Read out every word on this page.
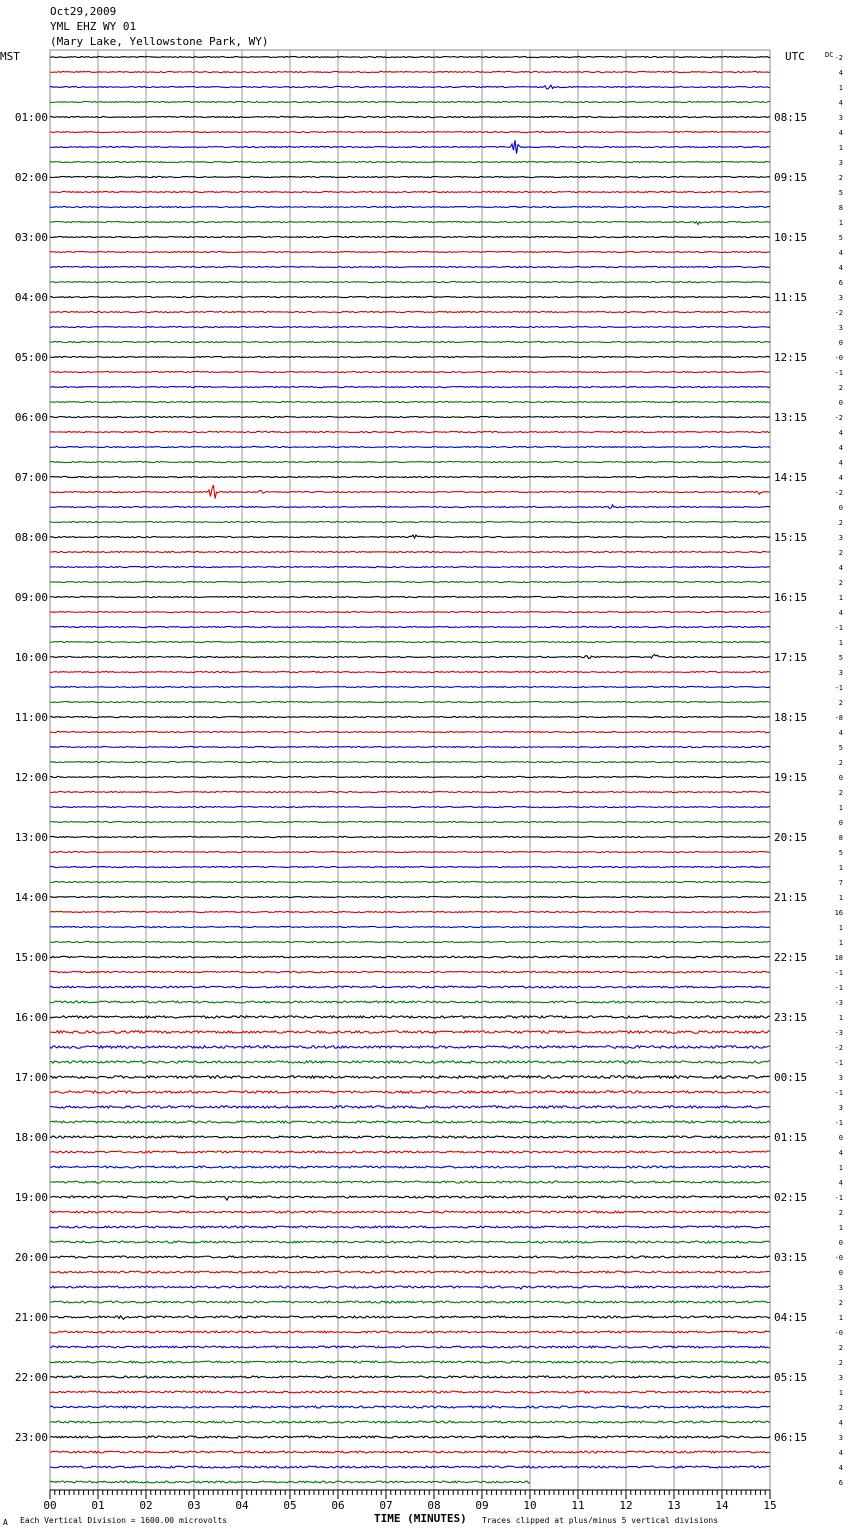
Oct29,2009
YML EHZ WY 01
(Mary Lake, Yellowstone Park, WY)
-2
4
1
4
3
4
1
3
2
5
8
1
5
4
4
6
3
-2
3
0
-0
-1
2
0
-2
4
4
4
4
-2
0
2
3
2
4
2
1
4
-1
1
5
3
-1
2
-8
4
5
2
0
2
1
0
8
5
1
7
1
16
1
1
18
-1
-1
-3
1
-3
-2
-1
3
-1
3
-1
0
4
1
4
-1
2
1
0
-0
0
3
2
1
-0
2
2
3
1
2
4
3
4
4
6
MST	UTC	DC
01:00
02:00
03:00
04:00
05:00
06:00
07:00
08:00
09:00
10:00
11:00
12:00
13:00
14:00
15:00
16:00
17:00
18:00
19:00
20:00
21:00
22:00
23:00
08:15
09:15
10:15
11:15
12:15
13:15
14:15
15:15
16:15
17:15
18:15
19:15
20:15
21:15
22:15
23:15
00:15
01:15
02:15
03:15
04:15
05:15
06:15
00	01	02	03	04	05	06	07	08	09	10	11	12	13	14	15
TIME (MINUTES)
A Each Vertical Division = 1600.00 microvolts	Traces clipped at plus/minus 5 vertical divisions
